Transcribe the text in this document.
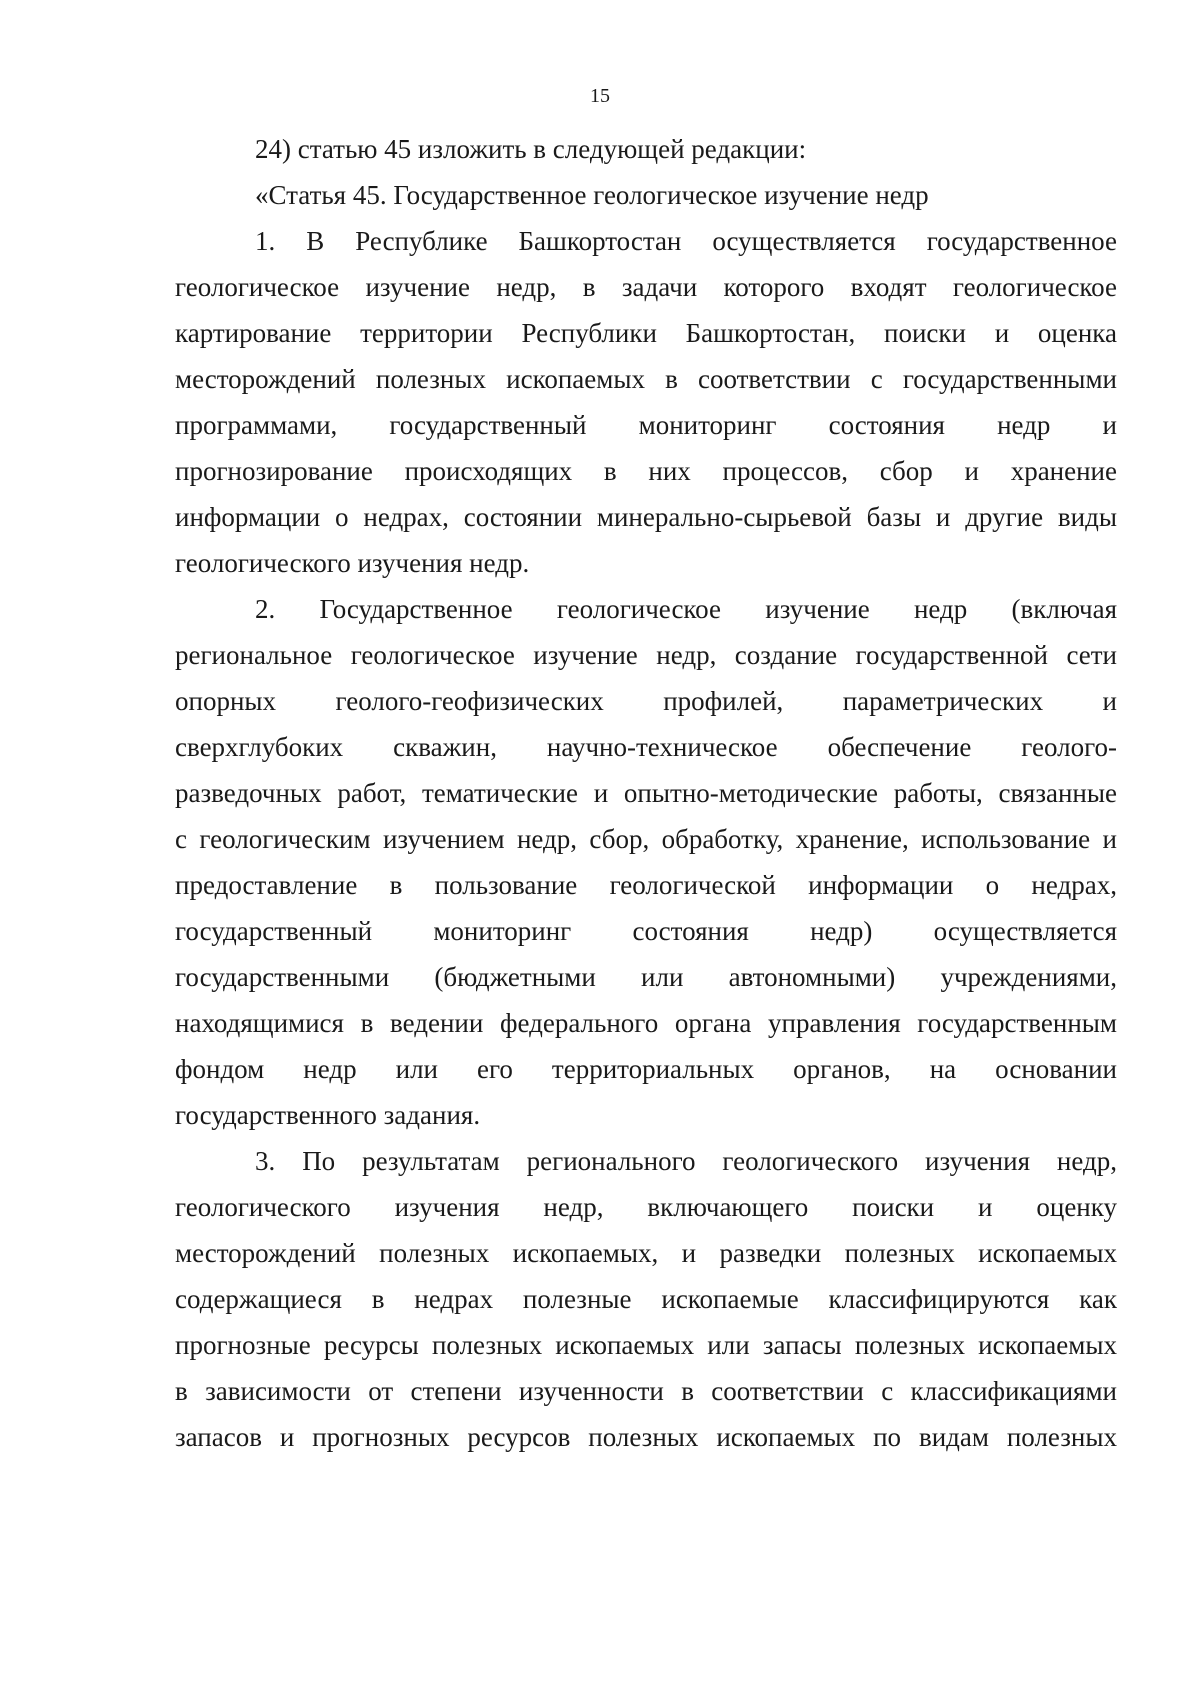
15
24) статью 45 изложить в следующей редакции:
«Статья 45. Государственное геологическое изучение недр
1. В Республике Башкортостан осуществляется государственное
геологическое изучение недр, в задачи которого входят геологическое
картирование территории Республики Башкортостан, поиски и оценка
месторождений полезных ископаемых в соответствии с государственными
программами, государственный мониторинг состояния недр и
прогнозирование происходящих в них процессов, сбор и хранение
информации о недрах, состоянии минерально-сырьевой базы и другие виды
геологического изучения недр.
2. Государственное геологическое изучение недр (включая
региональное геологическое изучение недр, создание государственной сети
опорных геолого-геофизических профилей, параметрических и
сверхглубоких скважин, научно-техническое обеспечение геолого-
разведочных работ, тематические и опытно-методические работы, связанные
с геологическим изучением недр, сбор, обработку, хранение, использование и
предоставление в пользование геологической информации о недрах,
государственный мониторинг состояния недр) осуществляется
государственными (бюджетными или автономными) учреждениями,
находящимися в ведении федерального органа управления государственным
фондом недр или его территориальных органов, на основании
государственного задания.
3. По результатам регионального геологического изучения недр,
геологического изучения недр, включающего поиски и оценку
месторождений полезных ископаемых, и разведки полезных ископаемых
содержащиеся в недрах полезные ископаемые классифицируются как
прогнозные ресурсы полезных ископаемых или запасы полезных ископаемых
в зависимости от степени изученности в соответствии с классификациями
запасов и прогнозных ресурсов полезных ископаемых по видам полезных
